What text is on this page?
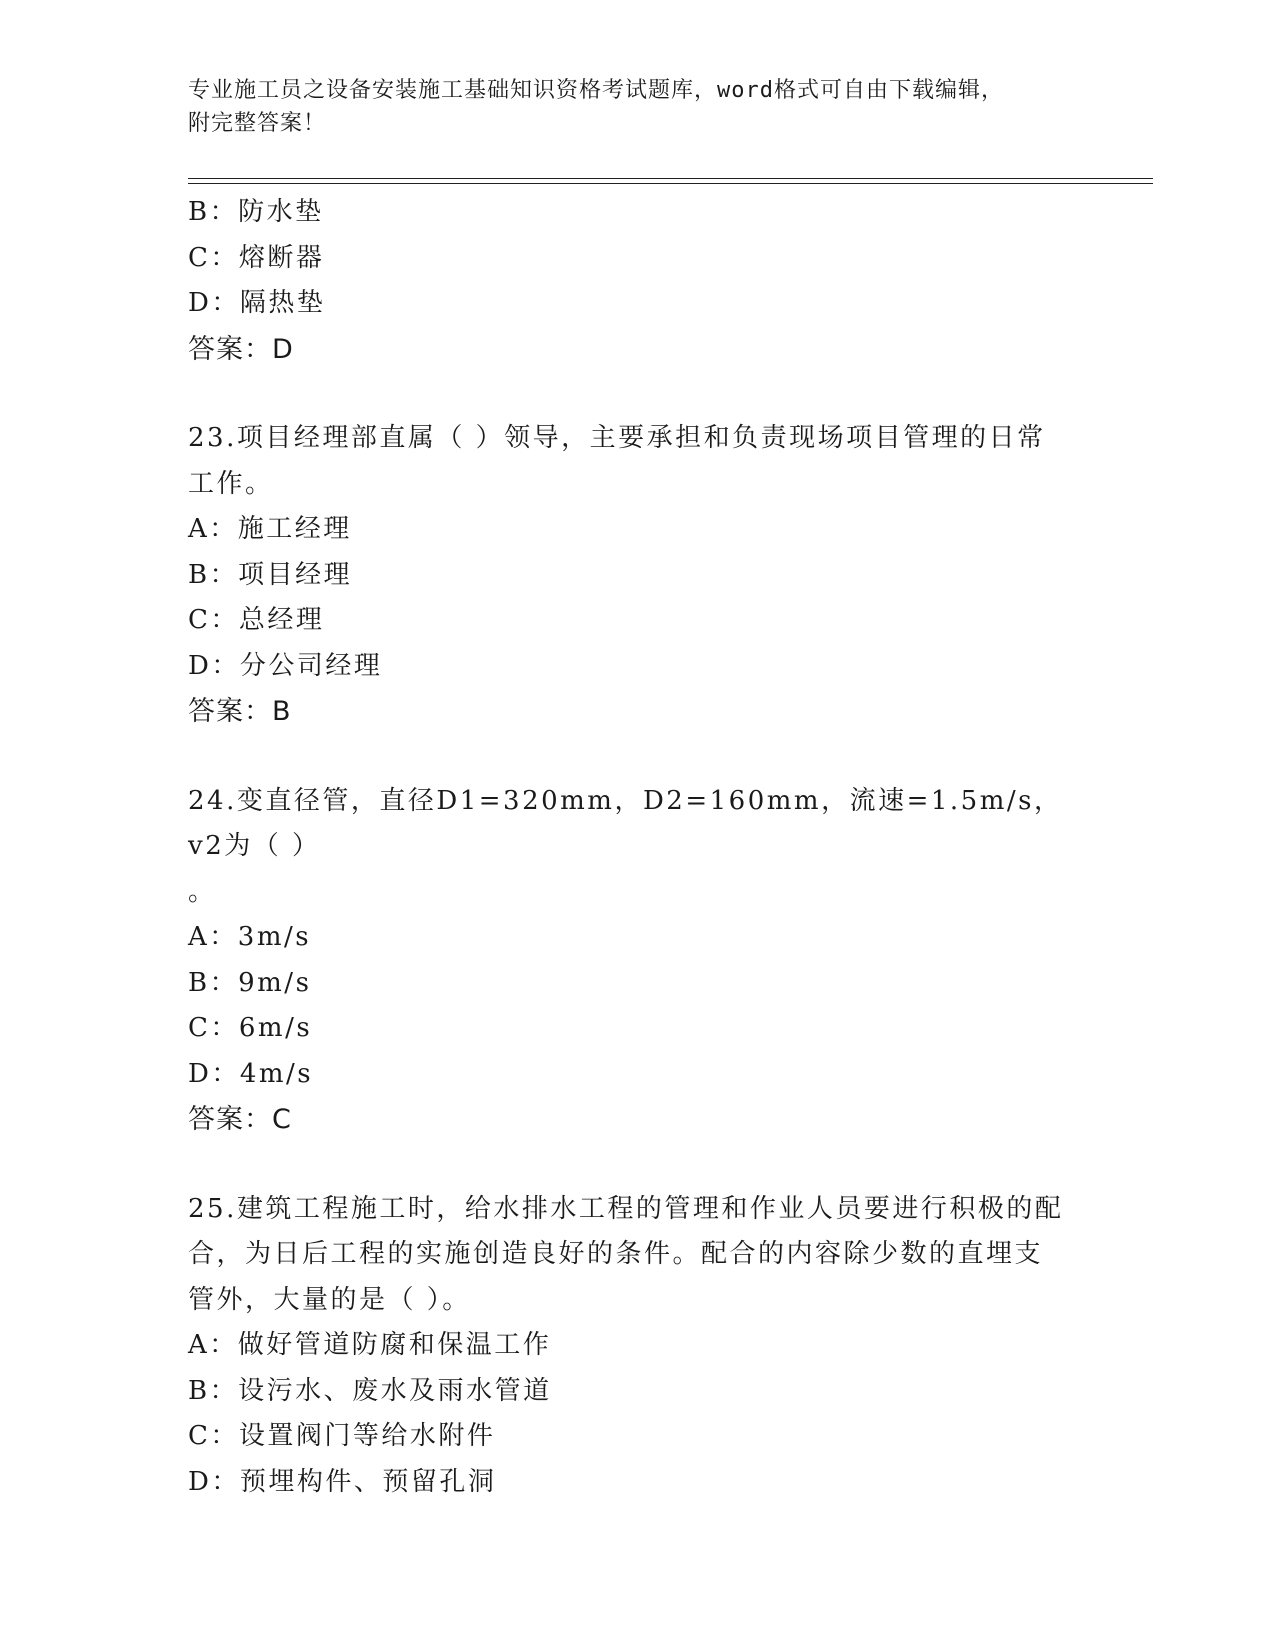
专业施工员之设备安装施工基础知识资格考试题库，word格式可自由下载编辑，
附完整答案！
B：防水垫
C：熔断器
D：隔热垫
答案：D
23.项目经理部直属（ ）领导，主要承担和负责现场项目管理的日常
工作。
A：施工经理
B：项目经理
C：总经理
D：分公司经理
答案：B
24.变直径管，直径D1=320mm，D2=160mm，流速=1.5m/s，v2为（ ）
。
A：3m/s
B：9m/s
C：6m/s
D：4m/s
答案：C
25.建筑工程施工时，给水排水工程的管理和作业人员要进行积极的配
合，为日后工程的实施创造良好的条件。配合的内容除少数的直埋支
管外，大量的是（ ）。
A：做好管道防腐和保温工作
B：设污水、废水及雨水管道
C：设置阀门等给水附件
D：预埋构件、预留孔洞
